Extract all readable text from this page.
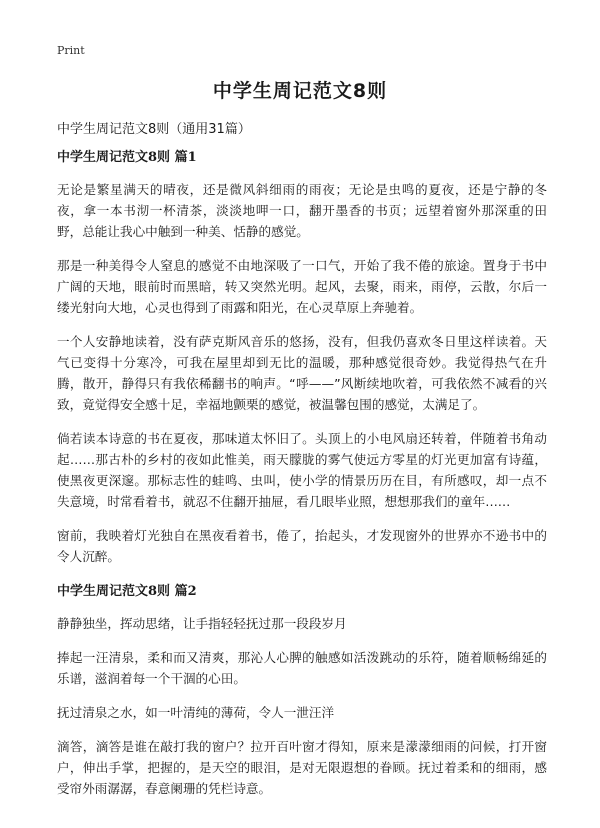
Print
中学生周记范文8则
中学生周记范文8则（通用31篇）
中学生周记范文8则 篇1

无论是繁星满天的晴夜，还是微风斜细雨的雨夜；无论是虫鸣的夏夜，还是宁静的冬夜，拿一本书沏一杯清茶，淡淡地呷一口，翻开墨香的书页；远望着窗外那深重的田野，总能让我心中触到一种美、恬静的感觉。

那是一种美得令人窒息的感觉不由地深吸了一口气，开始了我不倦的旅途。置身于书中广阔的天地，眼前时而黑暗，转又突然光明。起风，去聚，雨来，雨停，云散，尔后一缕光射向大地，心灵也得到了雨露和阳光，在心灵草原上奔驰着。

一个人安静地读着，没有萨克斯风音乐的悠扬，没有，但我仍喜欢冬日里这样读着。天气已变得十分寒冷，可我在屋里却到无比的温暖，那种感觉很奇妙。我觉得热气在升腾，散开，静得只有我依稀翻书的响声。“呼——”风断续地吹着，可我依然不减看的兴致，竟觉得安全感十足，幸福地颤栗的感觉，被温馨包围的感觉，太满足了。

倘若读本诗意的书在夏夜，那味道太怀旧了。头顶上的小电风扇还转着，伴随着书角动起……那古朴的乡村的夜如此惟美，雨天朦胧的雾气使远方零星的灯光更加富有诗蕴，使黑夜更深邃。那标志性的蛙鸣、虫叫，使小学的情景历历在目，有所感叹，却一点不失意境，时常看着书，就忍不住翻开抽屉，看几眼毕业照，想想那我们的童年……

窗前，我映着灯光独自在黑夜看着书，倦了，抬起头，才发现窗外的世界亦不逊书中的令人沉醉。

中学生周记范文8则 篇2

静静独坐，挥动思绪，让手指轻轻抚过那一段段岁月

捧起一汪清泉，柔和而又清爽，那沁人心脾的触感如活泼跳动的乐符，随着顺畅绵延的乐谱，滋润着每一个干涸的心田。

抚过清泉之水，如一叶清纯的薄荷，令人一泄汪洋

滴答，滴答是谁在敲打我的窗户？拉开百叶窗才得知，原来是濛濛细雨的问候，打开窗户，伸出手掌，把握的，是天空的眼泪，是对无限遐想的眷顾。抚过着柔和的细雨，感受帘外雨潺潺，春意阑珊的凭栏诗意。
